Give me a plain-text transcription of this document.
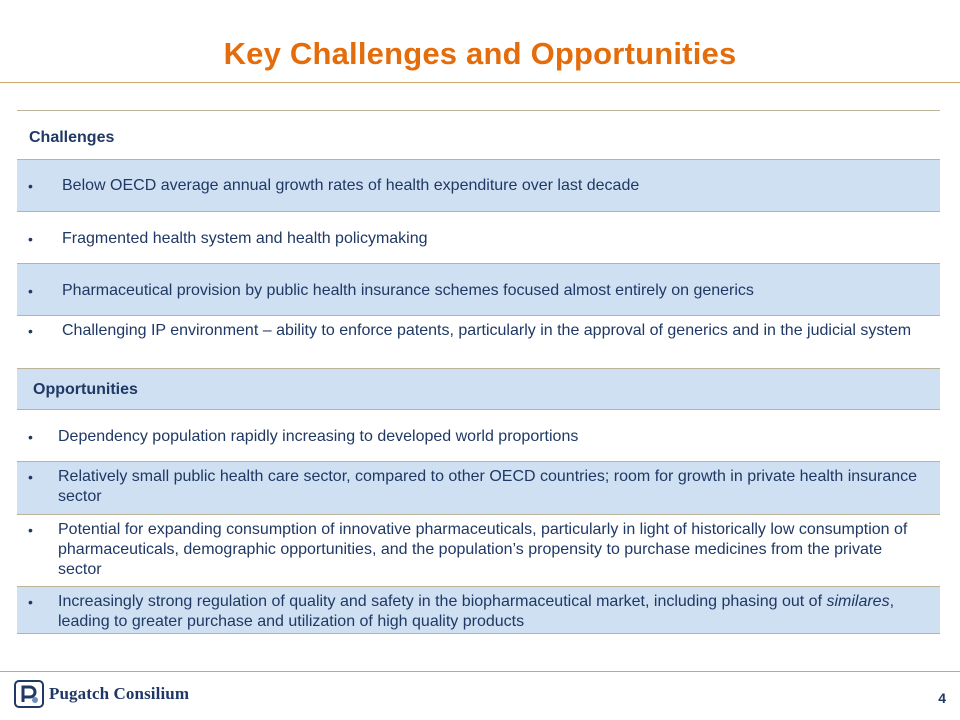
Key Challenges and Opportunities
Challenges
• Below OECD average annual growth rates of health expenditure over last decade
• Fragmented health system and health policymaking
• Pharmaceutical provision by public health insurance schemes focused almost entirely on generics
• Challenging IP environment – ability to enforce patents, particularly in the approval of generics and in the judicial system
Opportunities
• Dependency population rapidly increasing to developed world proportions
• Relatively small public health care sector, compared to other OECD countries; room for growth in private health insurance sector
• Potential for expanding consumption of innovative pharmaceuticals, particularly in light of historically low consumption of pharmaceuticals, demographic opportunities, and the population’s propensity to purchase medicines from the private sector
• Increasingly strong regulation of quality and safety in the biopharmaceutical market, including phasing out of similares, leading to greater purchase and utilization of high quality products
Pugatch Consilium	4
